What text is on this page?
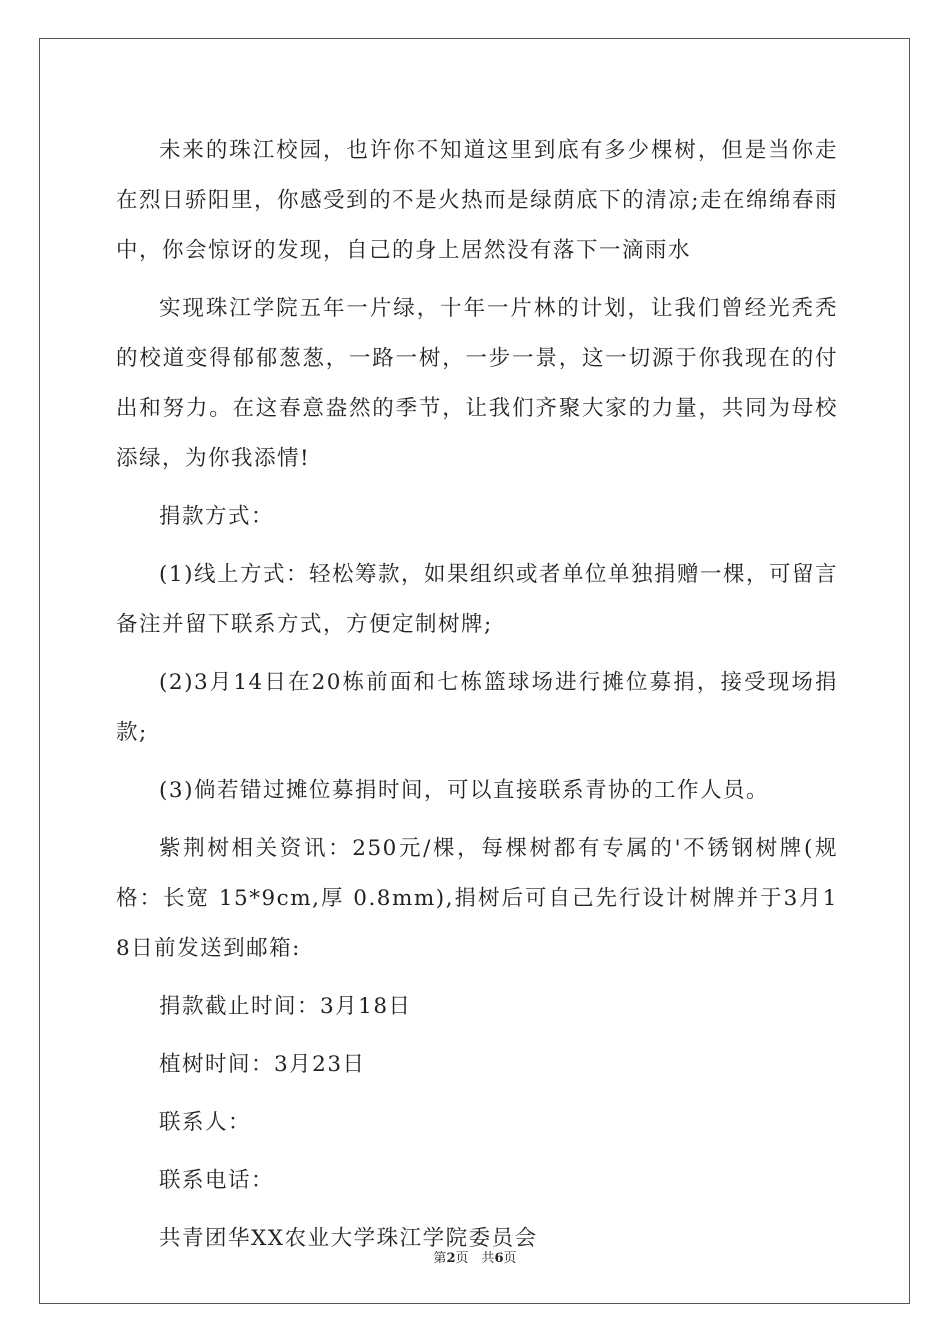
未来的珠江校园，也许你不知道这里到底有多少棵树，但是当你走在烈日骄阳里，你感受到的不是火热而是绿荫底下的清凉;走在绵绵春雨中，你会惊讶的发现，自己的身上居然没有落下一滴雨水

实现珠江学院五年一片绿，十年一片林的计划，让我们曾经光秃秃的校道变得郁郁葱葱，一路一树，一步一景，这一切源于你我现在的付出和努力。在这春意盎然的季节，让我们齐聚大家的力量，共同为母校添绿，为你我添情!

捐款方式：

(1)线上方式：轻松筹款，如果组织或者单位单独捐赠一棵，可留言备注并留下联系方式，方便定制树牌;

(2)3月14日在20栋前面和七栋篮球场进行摊位募捐，接受现场捐款;

(3)倘若错过摊位募捐时间，可以直接联系青协的工作人员。

紫荆树相关资讯：250元/棵，每棵树都有专属的'不锈钢树牌(规格：长宽 15*9cm,厚 0.8mm),捐树后可自己先行设计树牌并于3月18日前发送到邮箱:

捐款截止时间：3月18日

植树时间：3月23日

联系人：

联系电话：

共青团华XX农业大学珠江学院委员会

第2页　共6页
